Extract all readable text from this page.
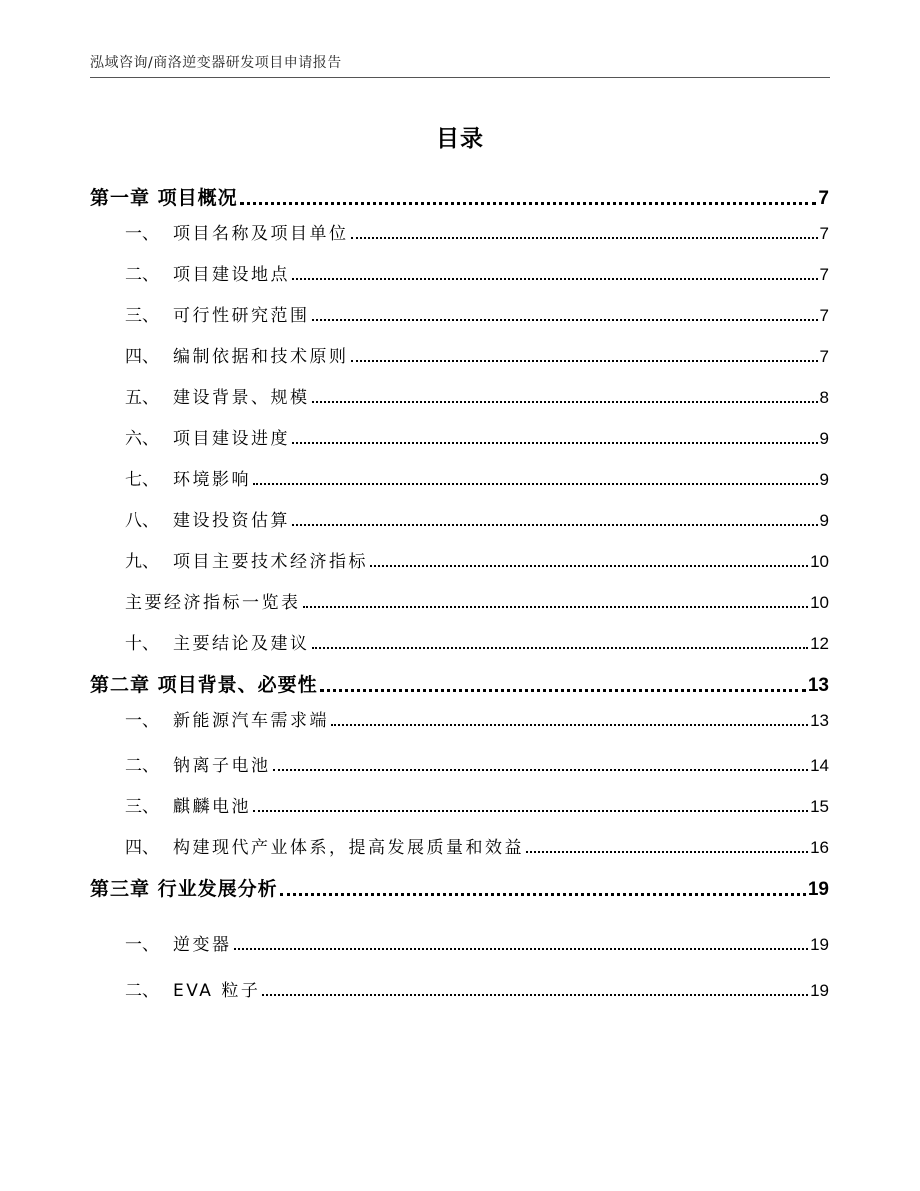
泓域咨询/商洛逆变器研发项目申请报告
目录
第一章 项目概况	7
一、 项目名称及项目单位	7
二、 项目建设地点	7
三、 可行性研究范围	7
四、 编制依据和技术原则	7
五、 建设背景、规模	8
六、 项目建设进度	9
七、 环境影响	9
八、 建设投资估算	9
九、 项目主要技术经济指标	10
主要经济指标一览表	10
十、 主要结论及建议	12
第二章 项目背景、必要性	13
一、 新能源汽车需求端	13
二、 钠离子电池	14
三、 麒麟电池	15
四、 构建现代产业体系，提高发展质量和效益	16
第三章 行业发展分析	19
一、 逆变器	19
二、 EVA 粒子	19
